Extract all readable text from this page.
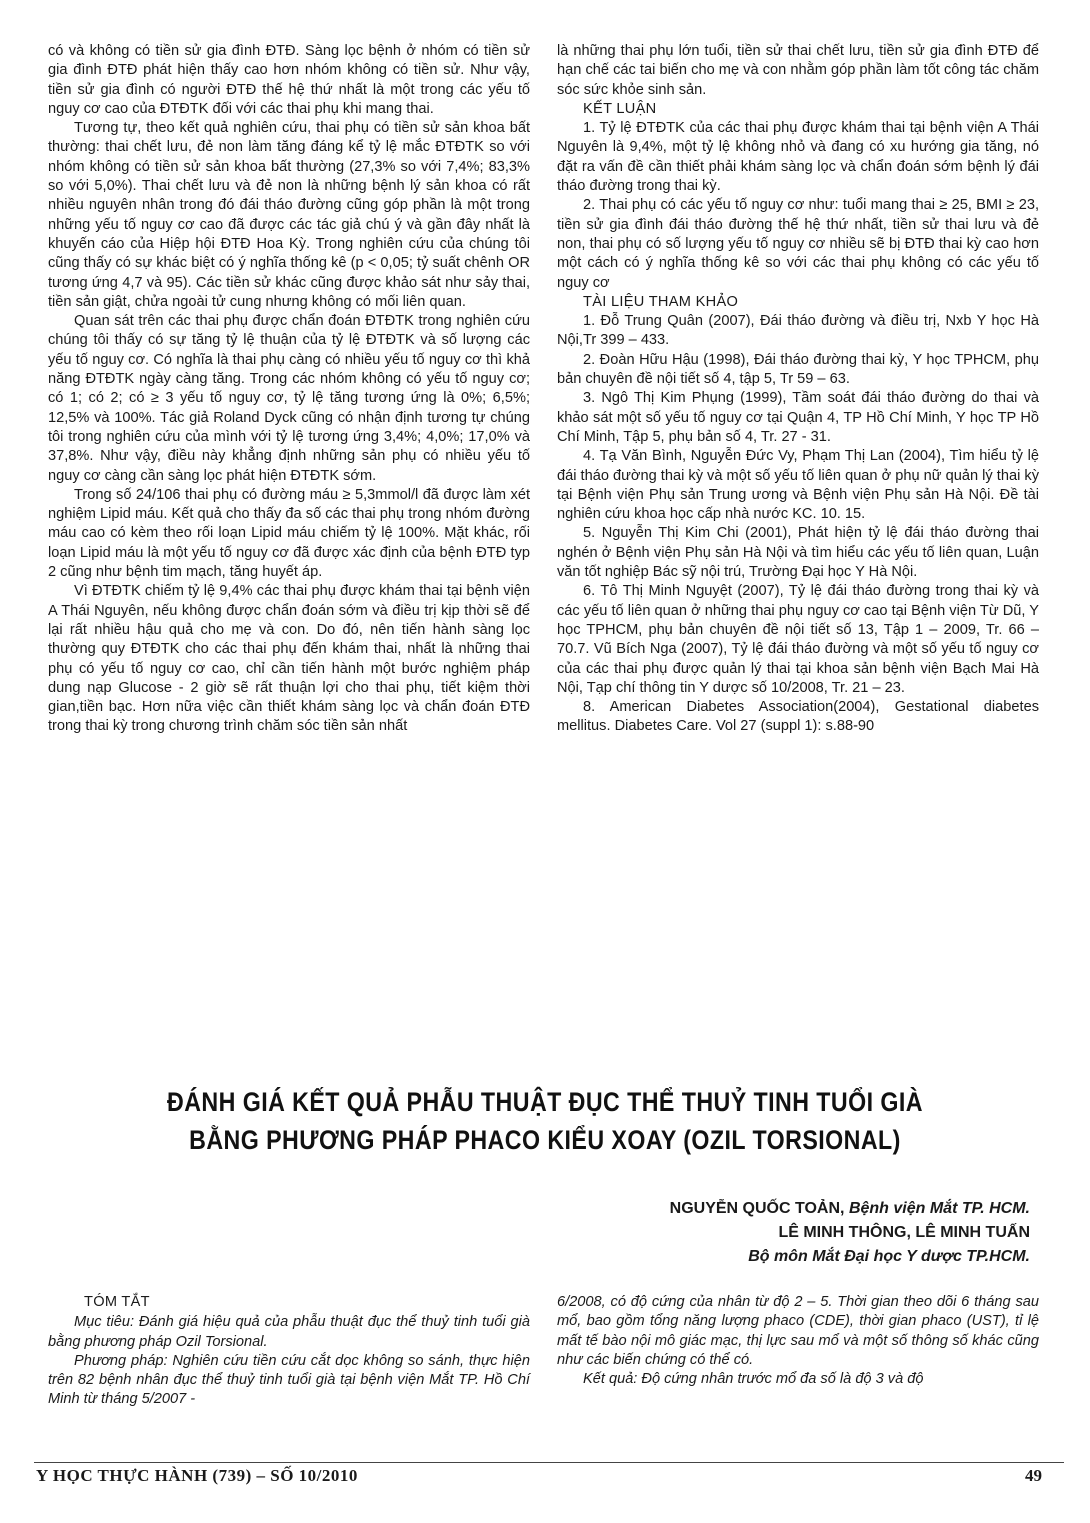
có và không có tiền sử gia đình ĐTĐ. Sàng lọc bệnh ở nhóm có tiền sử gia đình ĐTĐ phát hiện thấy cao hơn nhóm không có tiền sử. Như vậy, tiền sử gia đình có người ĐTĐ thế hệ thứ nhất là một trong các yếu tố nguy cơ cao của ĐTĐTK đối với các thai phụ khi mang thai.

Tương tự, theo kết quả nghiên cứu, thai phụ có tiền sử sản khoa bất thường: thai chết lưu, đẻ non làm tăng đáng kể tỷ lệ mắc ĐTĐTK so với nhóm không có tiền sử sản khoa bất thường (27,3% so với 7,4%; 83,3% so với 5,0%). Thai chết lưu và đẻ non là những bệnh lý sản khoa có rất nhiều nguyên nhân trong đó đái tháo đường cũng góp phần là một trong những yếu tố nguy cơ cao đã được các tác giả chú ý và gần đây nhất là khuyến cáo của Hiệp hội ĐTĐ Hoa Kỳ. Trong nghiên cứu của chúng tôi cũng thấy có sự khác biệt có ý nghĩa thống kê (p < 0,05; tỷ suất chênh OR tương ứng 4,7 và 95). Các tiền sử khác cũng được khảo sát như sảy thai, tiền sản giật, chửa ngoài tử cung nhưng không có mối liên quan.

Quan sát trên các thai phụ được chẩn đoán ĐTĐTK trong nghiên cứu chúng tôi thấy có sự tăng tỷ lệ thuận của tỷ lệ ĐTĐTK và số lượng các yếu tố nguy cơ. Có nghĩa là thai phụ càng có nhiều yếu tố nguy cơ thì khả năng ĐTĐTK ngày càng tăng. Trong các nhóm không có yếu tố nguy cơ; có 1; có 2; có ≥ 3 yếu tố nguy cơ, tỷ lệ tăng tương ứng là 0%; 6,5%; 12,5% và 100%. Tác giả Roland Dyck cũng có nhận định tương tự chúng tôi trong nghiên cứu của mình với tỷ lệ tương ứng 3,4%; 4,0%; 17,0% và 37,8%. Như vậy, điều này khẳng định những sản phụ có nhiều yếu tố nguy cơ càng cần sàng lọc phát hiện ĐTĐTK sớm.

Trong số 24/106 thai phụ có đường máu ≥ 5,3mmol/l đã được làm xét nghiệm Lipid máu. Kết quả cho thấy đa số các thai phụ trong nhóm đường máu cao có kèm theo rối loạn Lipid máu chiếm tỷ lệ 100%. Mặt khác, rối loạn Lipid máu là một yếu tố nguy cơ đã được xác định của bệnh ĐTĐ typ 2 cũng như bệnh tim mạch, tăng huyết áp.

Vì ĐTĐTK chiếm tỷ lệ 9,4% các thai phụ được khám thai tại bệnh viện A Thái Nguyên, nếu không được chẩn đoán sớm và điều trị kịp thời sẽ để lại rất nhiều hậu quả cho mẹ và con. Do đó, nên tiến hành sàng lọc thường quy ĐTĐTK cho các thai phụ đến khám thai, nhất là những thai phụ có yếu tố nguy cơ cao, chỉ cần tiến hành một bước nghiệm pháp dung nạp Glucose - 2 giờ sẽ rất thuận lợi cho thai phụ, tiết kiệm thời gian,tiền bạc. Hơn nữa việc cần thiết khám sàng lọc và chẩn đoán ĐTĐ trong thai kỳ trong chương trình chăm sóc tiền sản nhất

là những thai phụ lớn tuổi, tiền sử thai chết lưu, tiền sử gia đình ĐTĐ để hạn chế các tai biến cho mẹ và con nhằm góp phần làm tốt công tác chăm sóc sức khỏe sinh sản.

KẾT LUẬN

1. Tỷ lệ ĐTĐTK của các thai phụ được khám thai tại bệnh viện A Thái Nguyên là 9,4%, một tỷ lệ không nhỏ và đang có xu hướng gia tăng, nó đặt ra vấn đề cần thiết phải khám sàng lọc và chẩn đoán sớm bệnh lý đái tháo đường trong thai kỳ.

2. Thai phụ có các yếu tố nguy cơ như: tuổi mang thai ≥ 25, BMI ≥ 23, tiền sử gia đình đái tháo đường thế hệ thứ nhất, tiền sử thai lưu và đẻ non, thai phụ có số lượng yếu tố nguy cơ nhiều sẽ bị ĐTĐ thai kỳ cao hơn một cách có ý nghĩa thống kê so với các thai phụ không có các yếu tố nguy cơ

TÀI LIỆU THAM KHẢO

1. Đỗ Trung Quân (2007), Đái tháo đường và điều trị, Nxb Y học Hà Nội,Tr 399 – 433.

2. Đoàn Hữu Hậu (1998), Đái tháo đường thai kỳ, Y học TPHCM, phụ bản chuyên đề nội tiết số 4, tập 5, Tr 59 – 63.

3. Ngô Thị Kim Phụng (1999), Tầm soát đái tháo đường do thai và khảo sát một số yếu tố nguy cơ tại Quận 4, TP Hồ Chí Minh, Y học TP Hồ Chí Minh, Tập 5, phụ bản số 4, Tr. 27 - 31.

4. Tạ Văn Bình, Nguyễn Đức Vy, Phạm Thị Lan (2004), Tìm hiểu tỷ lệ đái tháo đường thai kỳ và một số yếu tố liên quan ở phụ nữ quản lý thai kỳ tại Bệnh viện Phụ sản Trung ương và Bệnh viện Phụ sản Hà Nội. Đề tài nghiên cứu khoa học cấp nhà nước KC. 10. 15.

5. Nguyễn Thị Kim Chi (2001), Phát hiện tỷ lệ đái tháo đường thai nghén ở Bệnh viện Phụ sản Hà Nội và tìm hiểu các yếu tố liên quan, Luận văn tốt nghiệp Bác sỹ nội trú, Trường Đại học Y Hà Nội.

6. Tô Thị Minh Nguyệt (2007), Tỷ lệ đái tháo đường trong thai kỳ và các yếu tố liên quan ở những thai phụ nguy cơ cao tại Bệnh viện Từ Dũ, Y học TPHCM, phụ bản chuyên đề nội tiết số 13, Tập 1 – 2009, Tr. 66 – 70.7. Vũ Bích Nga (2007), Tỷ lệ đái tháo đường và một số yếu tố nguy cơ của các thai phụ được quản lý thai tại khoa sản bệnh viện Bạch Mai Hà Nội, Tạp chí thông tin Y dược số 10/2008, Tr. 21 – 23.

8. American Diabetes Association(2004), Gestational diabetes mellitus. Diabetes Care. Vol 27 (suppl 1): s.88-90

ĐÁNH GIÁ KẾT QUẢ PHẪU THUẬT ĐỤC THỂ THUỶ TINH TUỔI GIÀ
BẰNG PHƯƠNG PHÁP PHACO KIỂU XOAY (OZIL TORSIONAL)
NGUYỄN QUỐC TOẢN, Bệnh viện Mắt TP. HCM.
LÊ MINH THÔNG, LÊ MINH TUẤN
Bộ môn Mắt Đại học Y dược TP.HCM.
TÓM TẮT

Mục tiêu: Đánh giá hiệu quả của phẫu thuật đục thể thuỷ tinh tuổi già bằng phương pháp Ozil Torsional.

Phương pháp: Nghiên cứu tiền cứu cắt dọc không so sánh, thực hiện trên 82 bệnh nhân đục thể thuỷ tinh tuổi già tại bệnh viện Mắt TP. Hồ Chí Minh từ tháng 5/2007 -

6/2008, có độ cứng của nhân từ độ 2 – 5. Thời gian theo dõi 6 tháng sau mổ, bao gồm tổng năng lượng phaco (CDE), thời gian phaco (UST), tỉ lệ mất tế bào nội mô giác mạc, thị lực sau mổ và một số thông số khác cũng như các biến chứng có thể có.

Kết quả: Độ cứng nhân trước mổ đa số là độ 3 và độ

Y HỌC THỰC HÀNH (739) – SỐ 10/2010	49
